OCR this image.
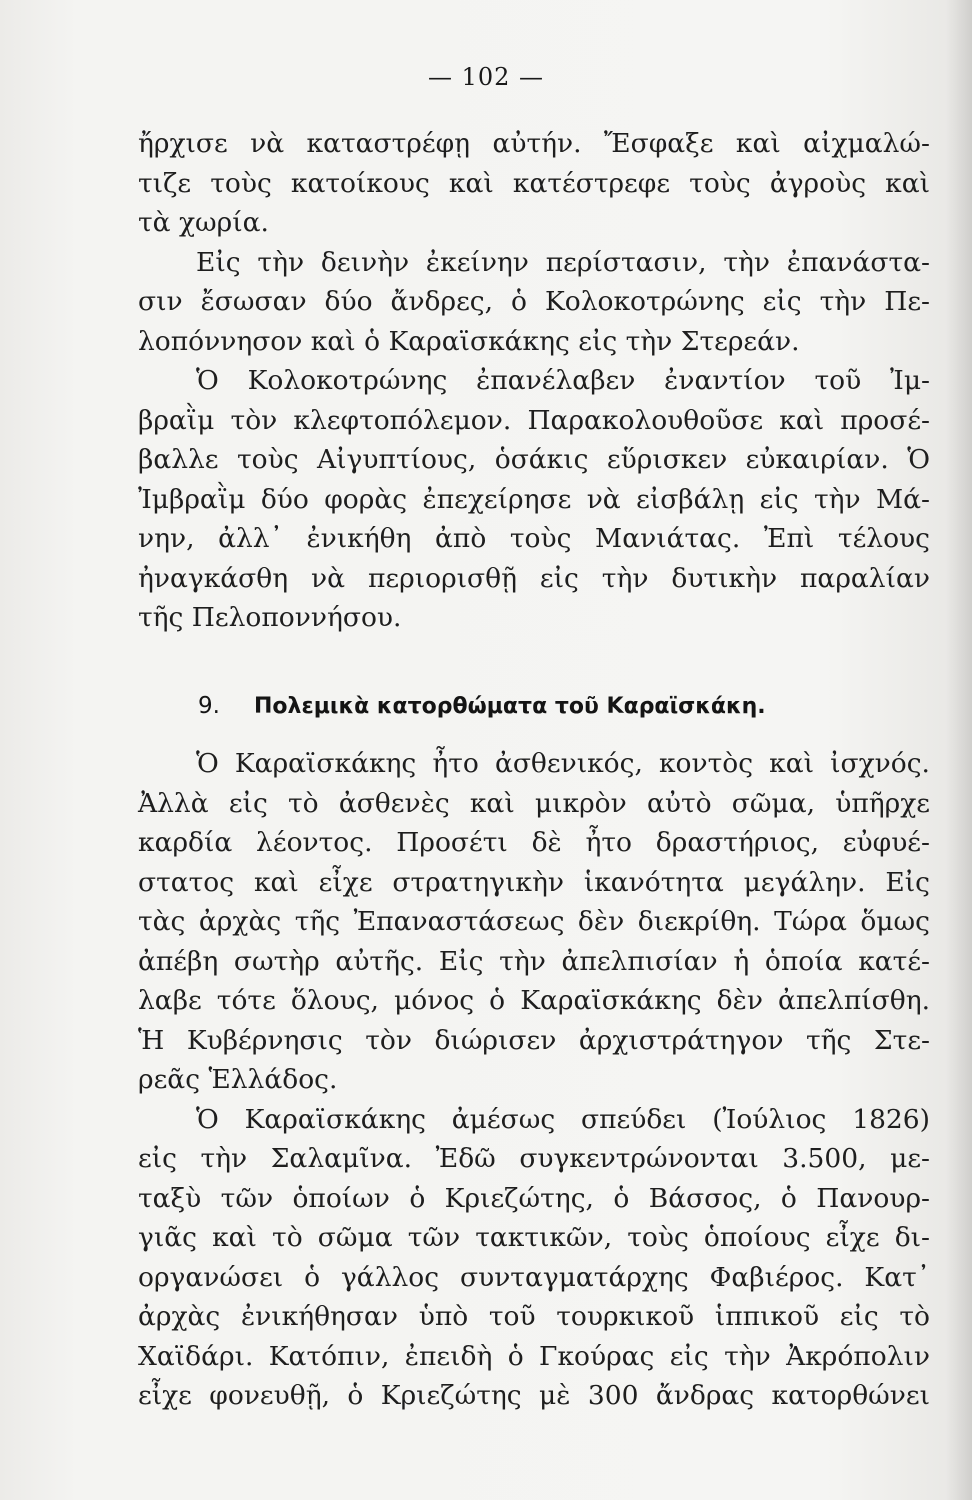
— 102 —
ἤρχισε νὰ καταστρέφῃ αὐτήν. Ἔσφαξε καὶ αἰχμαλώ-
τιζε τοὺς κατοίκους καὶ κατέστρεφε τοὺς ἀγροὺς καὶ
τὰ χωρία.
Εἰς τὴν δεινὴν ἐκείνην περίστασιν, τὴν ἐπανάστα-
σιν ἔσωσαν δύο ἄνδρες, ὁ Κολοκοτρώνης εἰς τὴν Πε-
λοπόννησον καὶ ὁ Καραϊσκάκης εἰς τὴν Στερεάν.
Ὁ Κολοκοτρώνης ἐπανέλαβεν ἐναντίον τοῦ Ἰμ-
βραῒμ τὸν κλεφτοπόλεμον. Παρακολουθοῦσε καὶ προσέ-
βαλλε τοὺς Αἰγυπτίους, ὁσάκις εὕρισκεν εὐκαιρίαν. Ὁ
Ἰμβραῒμ δύο φορὰς ἐπεχείρησε νὰ εἰσβάλῃ εἰς τὴν Μά-
νην, ἀλλ᾽ ἐνικήθη ἀπὸ τοὺς Μανιάτας. Ἐπὶ τέλους
ἠναγκάσθη νὰ περιορισθῇ εἰς τὴν δυτικὴν παραλίαν
τῆς Πελοποννήσου.
9. Πολεμικὰ κατορθώματα τοῦ Καραϊσκάκη.
Ὁ Καραϊσκάκης ἦτο ἀσθενικός, κοντὸς καὶ ἰσχνός.
Ἀλλὰ εἰς τὸ ἀσθενὲς καὶ μικρὸν αὐτὸ σῶμα, ὑπῆρχε
καρδία λέοντος. Προσέτι δὲ ἦτο δραστήριος, εὐφυέ-
στατος καὶ εἶχε στρατηγικὴν ἱκανότητα μεγάλην. Εἰς
τὰς ἀρχὰς τῆς Ἐπαναστάσεως δὲν διεκρίθη. Τώρα ὅμως
ἀπέβη σωτὴρ αὐτῆς. Εἰς τὴν ἀπελπισίαν ἡ ὁποία κατέ-
λαβε τότε ὅλους, μόνος ὁ Καραϊσκάκης δὲν ἀπελπίσθη.
Ἡ Κυβέρνησις τὸν διώρισεν ἀρχιστράτηγον τῆς Στε-
ρεᾶς Ἑλλάδος.
Ὁ Καραϊσκάκης ἀμέσως σπεύδει (Ἰούλιος 1826)
εἰς τὴν Σαλαμῖνα. Ἐδῶ συγκεντρώνονται 3.500, με-
ταξὺ τῶν ὁποίων ὁ Κριεζώτης, ὁ Βάσσος, ὁ Πανουρ-
γιᾶς καὶ τὸ σῶμα τῶν τακτικῶν, τοὺς ὁποίους εἶχε δι-
οργανώσει ὁ γάλλος συνταγματάρχης Φαβιέρος. Κατ᾽
ἀρχὰς ἐνικήθησαν ὑπὸ τοῦ τουρκικοῦ ἱππικοῦ εἰς τὸ
Χαϊδάρι. Κατόπιν, ἐπειδὴ ὁ Γκούρας εἰς τὴν Ἀκρόπολιν
εἶχε φονευθῇ, ὁ Κριεζώτης μὲ 300 ἄνδρας κατορθώνει
